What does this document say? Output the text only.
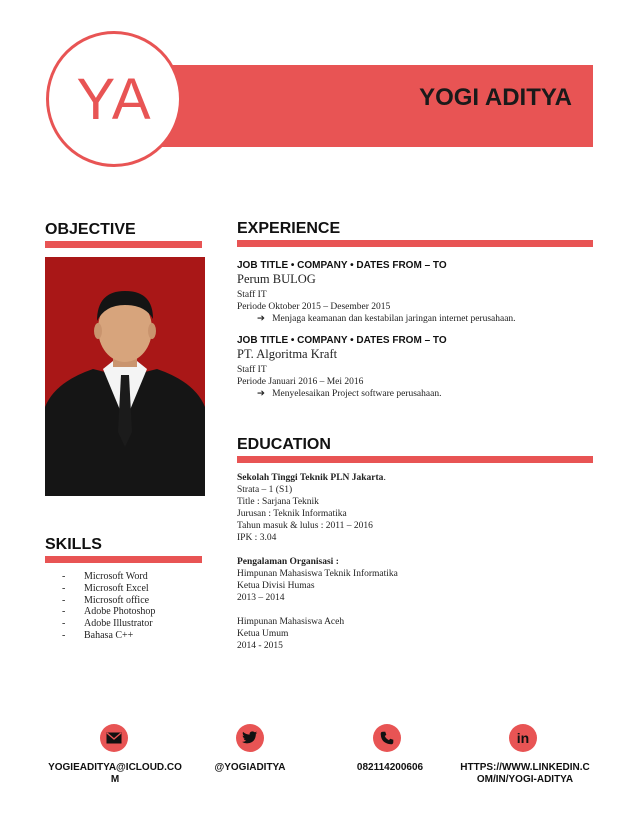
YA	YOGI ADITYA
OBJECTIVE
SKILLS
- Microsoft Word
- Microsoft Excel
- Microsoft office
- Adobe Photoshop
- Adobe Illustrator
- Bahasa C++
EXPERIENCE
JOB TITLE • COMPANY • DATES FROM – TO
Perum BULOG
Staff IT
Periode Oktober 2015 – Desember 2015
➔ Menjaga keamanan dan kestabilan jaringan internet perusahaan.
JOB TITLE • COMPANY • DATES FROM – TO
PT. Algoritma Kraft
Staff IT
Periode Januari 2016 – Mei 2016
➔ Menyelesaikan Project software perusahaan.
EDUCATION
Sekolah Tinggi Teknik PLN Jakarta.
Strata – 1 (S1)
Title : Sarjana Teknik
Jurusan : Teknik Informatika
Tahun masuk & lulus : 2011 – 2016
IPK : 3.04
Pengalaman Organisasi :
Himpunan Mahasiswa Teknik Informatika
Ketua Divisi Humas
2013 – 2014
Himpunan Mahasiswa Aceh
Ketua Umum
2014 - 2015
in
YOGIEADITYA@ICLOUD.CO
M
@YOGIADITYA	082114200606	HTTPS://WWW.LINKEDIN.C
OM/IN/YOGI-ADITYA
